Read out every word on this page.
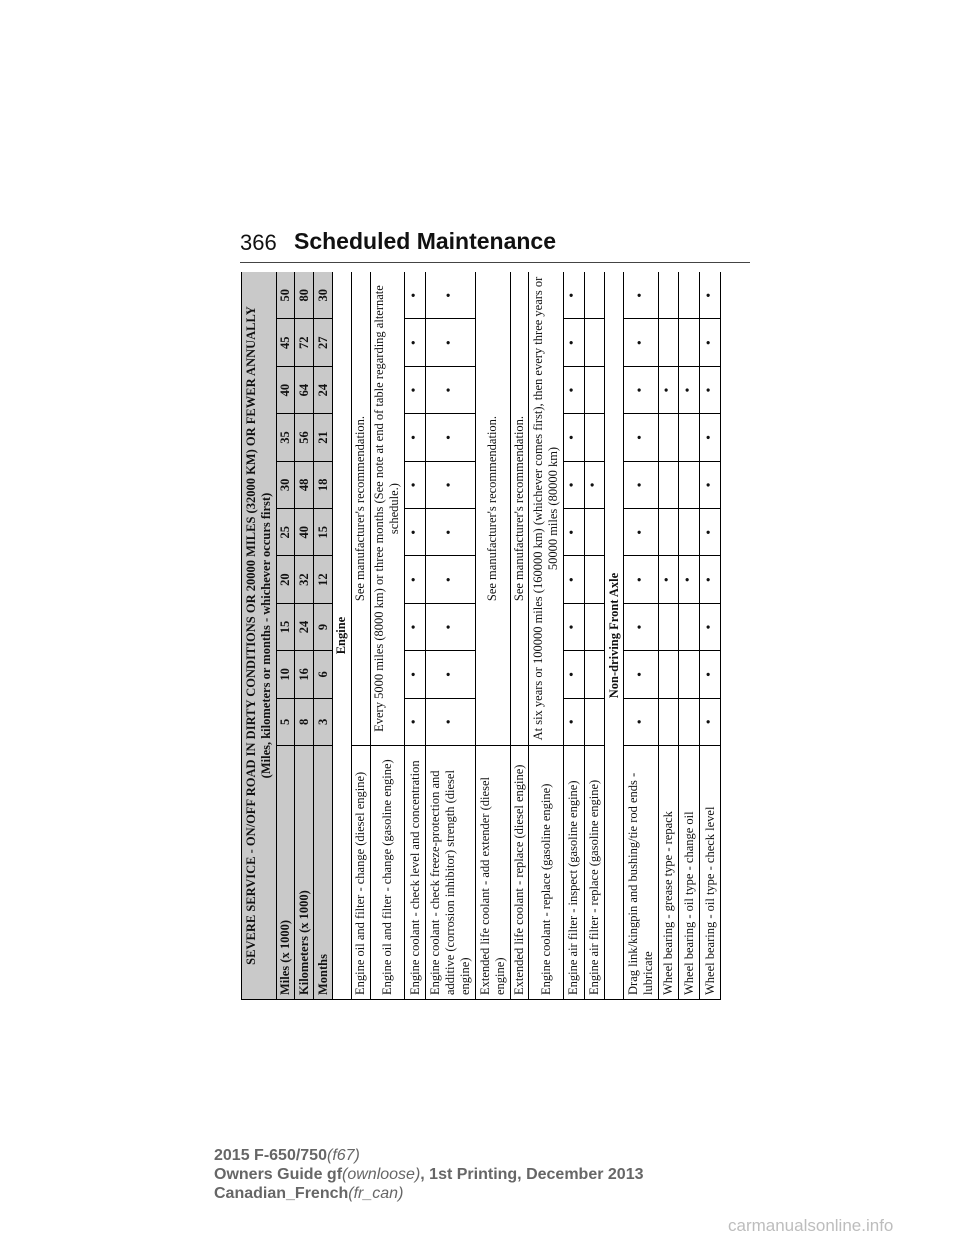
366 Scheduled Maintenance
SEVERE SERVICE - ON/OFF ROAD IN DIRTY CONDITIONS OR 20000 MILES (32000 KM) OR FEWER ANNUALLY (Miles, kilometers or months - whichever occurs first)										

Miles (x 1000)	5	10	15	20	25	30	35	40	45	50
Kilometers (x 1000)	8	16	24	32	40	48	56	64	72	80
Months	3	6	9	12	15	18	21	24	27	30
Engine										
Engine oil and filter - change (diesel engine)	See manufacturer's recommendation.									
Engine oil and filter - change (gasoline engine)	Every 5000 miles (8000 km) or three months (See note at end of table regarding alternate schedule.)									
Engine coolant - check level and concentration	•	•	•	•	•	•	•	•	•	•
Engine coolant - check freeze-protection and additive (corrosion inhibitor) strength (diesel engine)	•	•	•	•	•	•	•	•	•	•
Extended life coolant - add extender (diesel engine)	See manufacturer's recommendation.									
Extended life coolant - replace (diesel engine)	See manufacturer's recommendation.									
Engine coolant - replace (gasoline engine)	At six years or 100000 miles (160000 km) (whichever comes first), then every three years or 50000 miles (80000 km)									
Engine air filter - inspect (gasoline engine)	•	•	•	•	•	•	•	•	•	•
Engine air filter - replace (gasoline engine)						•				
Non-driving Front Axle										
Drag link/kingpin and bushing/tie rod ends - lubricate	•	•	•	•	•	•	•	•	•	•
Wheel bearing - grease type - repack				•				•		
Wheel bearing - oil type - change oil				•				•		
Wheel bearing - oil type - check level	•	•	•	•	•	•	•	•	•	•
2015 F-650/750(f67)
Owners Guide gf(ownloose), 1st Printing, December 2013
Canadian_French(fr_can)
carmanualsonline.info
